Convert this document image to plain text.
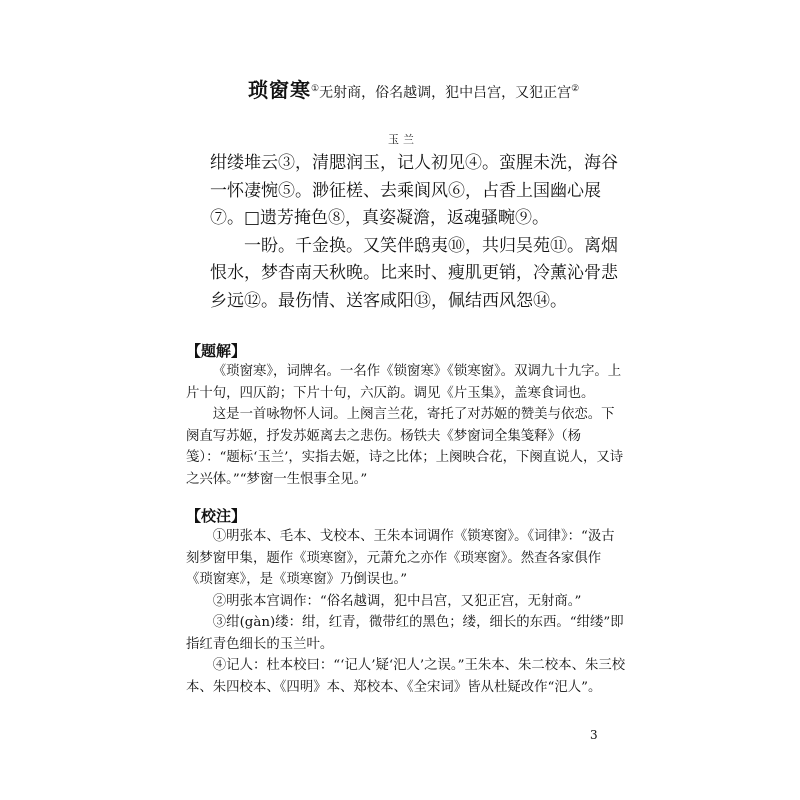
琐窗寒①无射商，俗名越调，犯中吕宫，又犯正宫②
玉兰

绀缕堆云③，清腮润玉，记人初见④。蛮腥未洗，海谷一怀凄惋⑤。渺征槎、去乘阆风⑥，占香上国幽心展⑦。□遗芳掩色⑧，真姿凝澹，返魂骚畹⑨。

一盼。千金换。又笑伴鸱夷⑩，共归吴苑⑪。离烟恨水，梦杳南天秋晚。比来时、瘦肌更销，冷薰沁骨悲乡远⑫。最伤情、送客咸阳⑬，佩结西风怨⑭。

【题解】

《琐窗寒》，词牌名。一名作《锁窗寒》《锁寒窗》。双调九十九字。上片十句，四仄韵；下片十句，六仄韵。调见《片玉集》，盖寒食词也。

这是一首咏物怀人词。上阕言兰花，寄托了对苏姬的赞美与依恋。下阕直写苏姬，抒发苏姬离去之悲伤。杨铁夫《梦窗词全集笺释》（杨笺）：“题标‘玉兰’，实指去姬，诗之比体；上阕映合花，下阕直说人，又诗之兴体。”“梦窗一生恨事全见。”

【校注】

①明张本、毛本、戈校本、王朱本词调作《锁寒窗》。《词律》：“汲古刻梦窗甲集，题作《琐寒窗》，元萧允之亦作《琐寒窗》。然查各家俱作《琐窗寒》，是《琐寒窗》乃倒误也。”

②明张本宫调作：“俗名越调，犯中吕宫，又犯正宫，无射商。”

③绀(gàn)缕：绀，红青，微带红的黑色；缕，细长的东西。“绀缕”即指红青色细长的玉兰叶。

④记人：杜本校曰：“‘记人’疑‘汜人’之误。”王朱本、朱二校本、朱三校本、朱四校本、《四明》本、郑校本、《全宋词》皆从杜疑改作“汜人”。

3
